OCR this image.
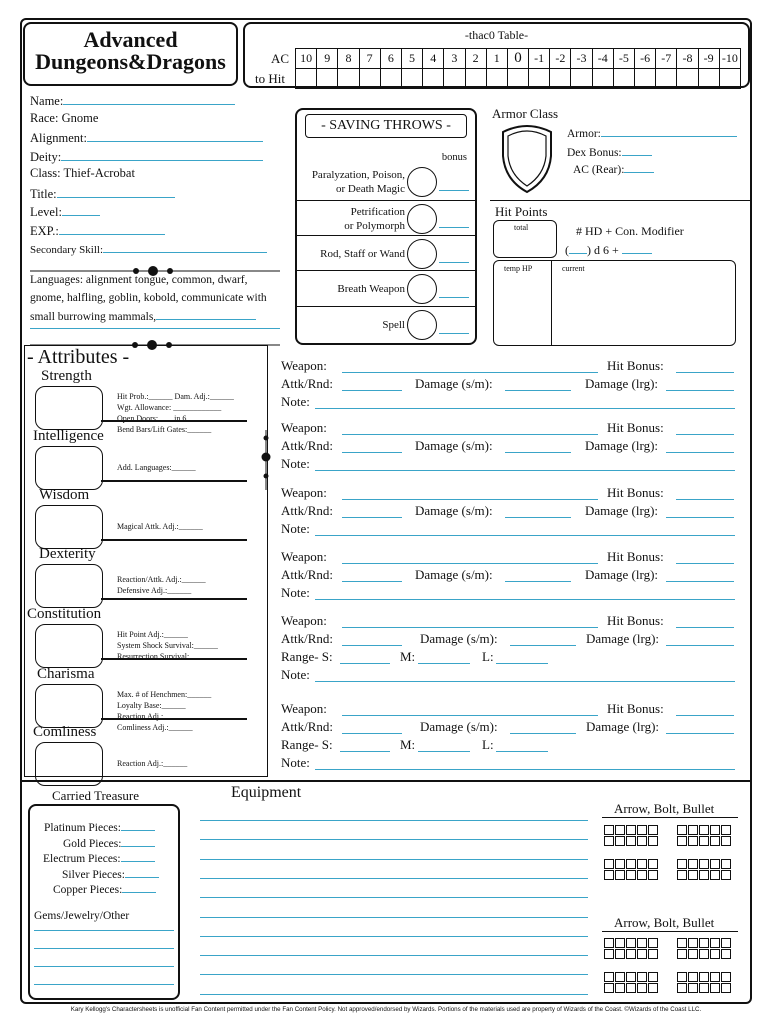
Advanced
Dungeons&Dragons
-thac0 Table-
AC
to Hit
10	9	8	7	6	5	4	3	2	1	0	-1	-2	-3	-4	-5	-6	-7	-8	-9	-10

Name:
Race: Gnome
Alignment:
Deity:
Class: Thief-Acrobat
Title:
Level:
EXP.:
Secondary Skill:
Languages: alignment tongue, common, dwarf, gnome, halfling, goblin, kobold, communicate with small burrowing mammals,
- SAVING THROWS -
bonus
Paralyzation, Poison,
or Death Magic
Petrification
or Polymorph
Rod, Staff or Wand
Breath Weapon
Spell
Armor Class
Armor:
Dex Bonus:
AC (Rear):
Hit Points
total	# HD + Con. Modifier
( ) d 6 +
temp HP	current
- Attributes -
Strength
Hit Prob.:______ Dam. Adj.:______
Wgt. Allowance: ____________
Open Doors:____in 6
Bend Bars/Lift Gates:______
Intelligence
Add. Languages:______
Wisdom
Magical Attk. Adj.:______
Dexterity
Reaction/Attk. Adj.:______
Defensive Adj.:______
Constitution
Hit Point Adj.:______
System Shock Survival:______
Resurrection Survival:______
Charisma
Max. # of Henchmen:______
Loyalty Base:______
Reaction Adj.:______
Comliness Adj.:______
Comliness
Reaction Adj.:______
Weapon:	Hit Bonus:
Attk/Rnd:	Damage (s/m):	Damage (lrg):
Note:
Weapon:	Hit Bonus:
Attk/Rnd:	Damage (s/m):	Damage (lrg):
Note:
Weapon:	Hit Bonus:
Attk/Rnd:	Damage (s/m):	Damage (lrg):
Note:
Weapon:	Hit Bonus:
Attk/Rnd:	Damage (s/m):	Damage (lrg):
Note:
Weapon:	Hit Bonus:
Attk/Rnd:	Damage (s/m):	Damage (lrg):
Range- S:	M:	L:
Note:
Weapon:	Hit Bonus:
Attk/Rnd:	Damage (s/m):	Damage (lrg):
Range- S:	M:	L:
Note:
Carried Treasure
Platinum Pieces:
Gold Pieces:
Electrum Pieces:
Silver Pieces:
Copper Pieces:
Gems/Jewelry/Other
Equipment
Arrow, Bolt, Bullet
Arrow, Bolt, Bullet
Kary Kellogg's Charactersheets is unofficial Fan Content permitted under the Fan Content Policy. Not approved/endorsed by Wizards. Portions of the materials used are property of Wizards of the Coast. ©Wizards of the Coast LLC.
